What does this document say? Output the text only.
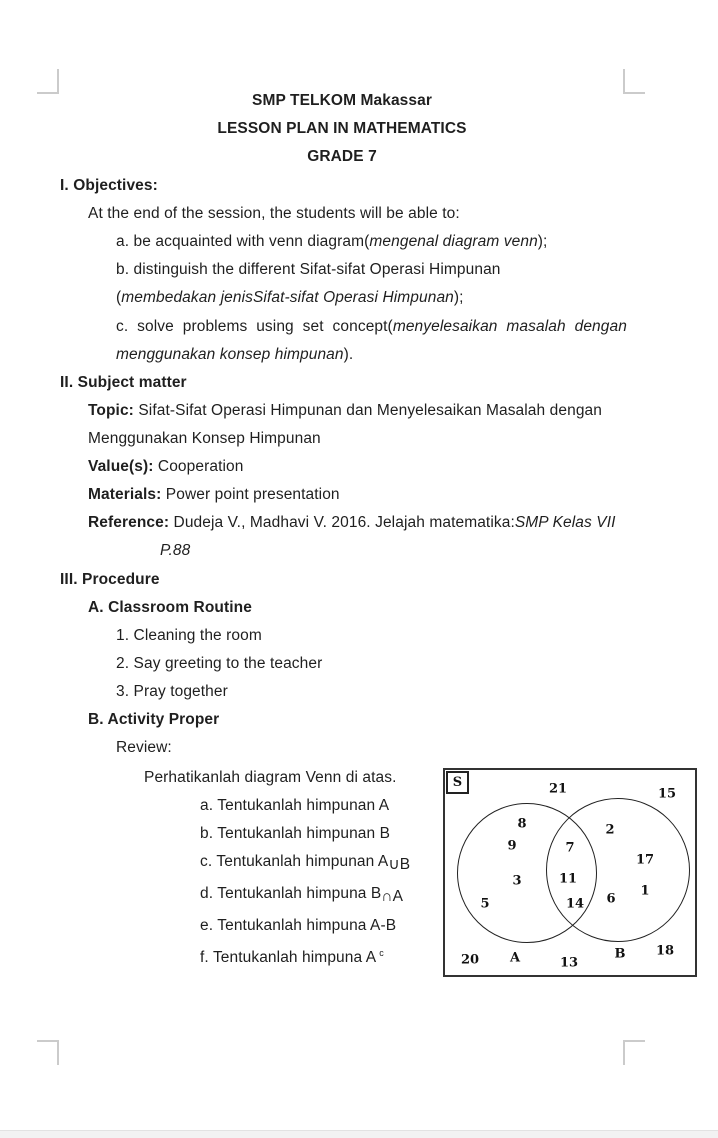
SMP TELKOM Makassar
LESSON PLAN IN MATHEMATICS
GRADE 7
I. Objectives:
At the end of the session, the students will be able to:
a. be acquainted with venn diagram(mengenal diagram venn);
b. distinguish the different Sifat-sifat Operasi Himpunan
(membedakan jenisSifat-sifat Operasi Himpunan);
c. solve problems using set concept(menyelesaikan masalah dengan
menggunakan konsep himpunan).
II. Subject matter
Topic: Sifat-Sifat Operasi Himpunan dan Menyelesaikan Masalah dengan
Menggunakan Konsep Himpunan
Value(s): Cooperation
Materials: Power point presentation
Reference: Dudeja V., Madhavi V. 2016. Jelajah matematika:SMP Kelas VII
P.88
III. Procedure
A. Classroom Routine
1. Cleaning the room
2. Say greeting to the teacher
3. Pray together
B. Activity Proper
Review:
Perhatikanlah diagram Venn di atas.
a. Tentukanlah himpunan A
b. Tentukanlah himpunan B
c. Tentukanlah himpunan A∪B
d. Tentukanlah himpuna B∩A
e. Tentukanlah himpuna A-B
f. Tentukanlah himpuna A $^c$
S
8
9
3
5
7
11
14
2
17
1
6
21	15
20	13
18
A	B
